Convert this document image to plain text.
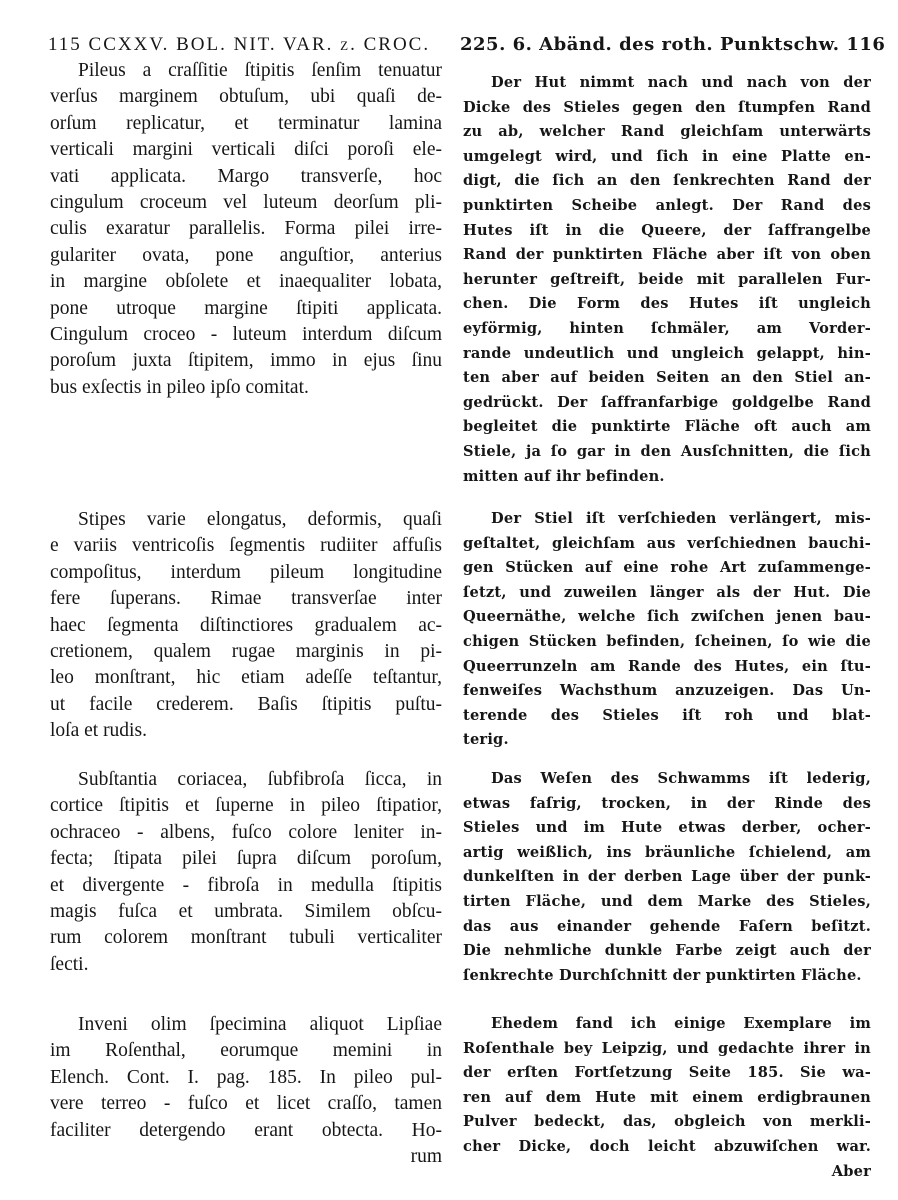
115 CCXXV. BOL. NIT. VAR. ζ. CROC. 225. 6. Abänd. des roth. Punktschw. 116
Pileus a craſſitie ſtipitis ſenſim tenuatur
verſus marginem obtuſum, ubi quaſi de-
orſum replicatur, et terminatur lamina
verticali margini verticali diſci poroſi ele-
vati applicata. Margo transverſe, hoc
cingulum croceum vel luteum deorſum pli-
culis exaratur parallelis. Forma pilei irre-
gulariter ovata, pone anguſtior, anterius
in margine obſolete et inaequaliter lobata,
pone utroque margine ſtipiti applicata.
Cingulum croceo - luteum interdum diſcum
poroſum juxta ſtipitem, immo in ejus ſinu
bus exſectis in pileo ipſo comitat.
Stipes varie elongatus, deformis, quaſi
e variis ventricoſis ſegmentis rudiiter affuſis
compoſitus, interdum pileum longitudine
fere ſuperans. Rimae transverſae inter
haec ſegmenta diſtinctiores gradualem ac-
cretionem, qualem rugae marginis in pi-
leo monſtrant, hic etiam adeſſe teſtantur,
ut facile crederem. Baſis ſtipitis puſtu-
loſa et rudis.
Subſtantia coriacea, ſubfibroſa ſicca, in
cortice ſtipitis et ſuperne in pileo ſtipatior,
ochraceo - albens, fuſco colore leniter in-
fecta; ſtipata pilei ſupra diſcum poroſum,
et divergente - fibroſa in medulla ſtipitis
magis fuſca et umbrata. Similem obſcu-
rum colorem monſtrant tubuli verticaliter
ſecti.
Inveni olim ſpecimina aliquot Lipſiae
im Roſenthal, eorumque memini in
Elench. Cont. I. pag. 185. In pileo pul-
vere terreo - fuſco et licet craſſo, tamen
faciliter detergendo erant obtecta. Ho-
rum
Der Hut nimmt nach und nach von der
Dicke des Stieles gegen den ſtumpfen Rand
zu ab, welcher Rand gleichſam unterwärts
umgelegt wird, und ſich in eine Platte en-
digt, die ſich an den ſenkrechten Rand der
punktirten Scheibe anlegt. Der Rand des
Hutes iſt in die Queere, der ſaffrangelbe
Rand der punktirten Fläche aber iſt von oben
herunter geſtreift, beide mit parallelen Fur-
chen. Die Form des Hutes iſt ungleich
eyförmig, hinten ſchmäler, am Vorder-
rande undeutlich und ungleich gelappt, hin-
ten aber auf beiden Seiten an den Stiel an-
gedrückt. Der ſaffranfarbige goldgelbe Rand
begleitet die punktirte Fläche oft auch am
Stiele, ja ſo gar in den Ausſchnitten, die ſich
mitten auf ihr befinden.
Der Stiel iſt verſchieden verlängert, mis-
geſtaltet, gleichſam aus verſchiednen bauchi-
gen Stücken auf eine rohe Art zuſammenge-
ſetzt, und zuweilen länger als der Hut. Die
Queernäthe, welche ſich zwiſchen jenen bau-
chigen Stücken befinden, ſcheinen, ſo wie die
Queerrunzeln am Rande des Hutes, ein ſtu-
fenweiſes Wachsthum anzuzeigen. Das Un-
terende des Stieles iſt roh und blat-
terig.
Das Weſen des Schwamms iſt lederig,
etwas faſrig, trocken, in der Rinde des
Stieles und im Hute etwas derber, ocher-
artig weißlich, ins bräunliche ſchielend, am
dunkelſten in der derben Lage über der punk-
tirten Fläche, und dem Marke des Stieles,
das aus einander gehende Faſern beſitzt.
Die nehmliche dunkle Farbe zeigt auch der
ſenkrechte Durchſchnitt der punktirten Fläche.
Ehedem fand ich einige Exemplare im
Roſenthale bey Leipzig, und gedachte ihrer in
der erſten Fortſetzung Seite 185. Sie wa-
ren auf dem Hute mit einem erdigbraunen
Pulver bedeckt, das, obgleich von merkli-
cher Dicke, doch leicht abzuwiſchen war.
Aber
